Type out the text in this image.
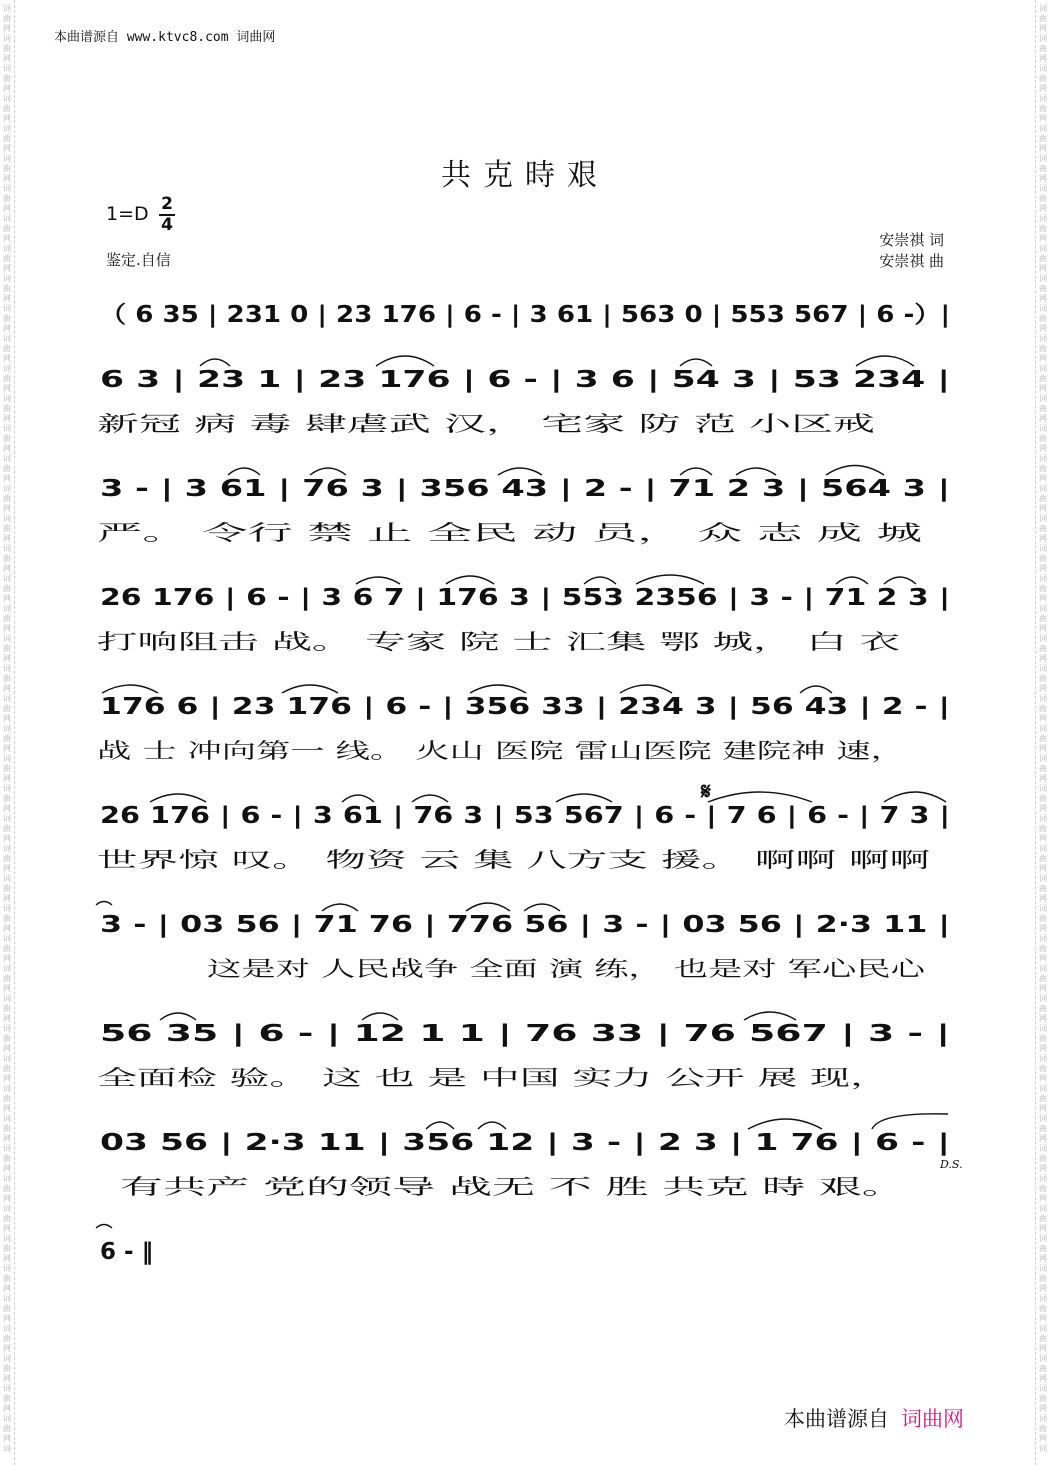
词
曲
网
词
曲
网
词
曲
网
词
曲
网
词
曲
网
词
曲
网
词
曲
网
词
曲
网
词
曲
网
词
曲
网
词
曲
网
词
曲
网
词
曲
网
词
曲
网
词
曲
网
词
曲
网
词
曲
网
词
曲
网
词
曲
网
词
曲
网
词
曲
网
词
曲
网
词
曲
网
词
曲
网
词
曲
网
词
曲
网
词
曲
网
词
曲
网
词
曲
网
词
曲
网
词
曲
网
词
曲
网
词
曲
网
词
曲
网
词
曲
网
词
曲
网
词
曲
网
词
曲
网
词
曲
网
词
曲
网
词
曲
网
词
曲
网
词
曲
网
词
曲
网
词
曲
网
词
曲
网
词
曲
网
词
曲
网
词
词
曲
网
词
曲
网
词
曲
网
词
曲
网
词
曲
网
词
曲
网
词
曲
网
词
曲
网
词
曲
网
词
曲
网
词
曲
网
词
曲
网
词
曲
网
词
曲
网
词
曲
网
词
曲
网
词
曲
网
词
曲
网
词
曲
网
词
曲
网
词
曲
网
词
曲
网
词
曲
网
词
曲
网
词
曲
网
词
曲
网
词
曲
网
词
曲
网
词
曲
网
词
曲
网
词
曲
网
词
曲
网
词
曲
网
词
曲
网
词
曲
网
词
曲
网
词
曲
网
词
曲
网
词
曲
网
词
曲
网
词
曲
网
词
曲
网
词
曲
网
词
曲
网
词
曲
网
词
曲
网
词
曲
网
词
曲
网
词
本曲谱源自 www.ktvc8.com 词曲网
共克時艰
1=D 2
4
鉴定.自信
安崇祺 词
安崇祺 曲
（ 6 35 | 231 0 | 23 176 | 6 - | 3 61 | 563 0 | 553 567 | 6 -）|
6 3 | 23 1 | 23 176 | 6 - | 3 6 | 54 3 | 53 234 |
新冠 病 毒 肆虐武 汉， 宅家 防 范 小区戒
3 - | 3 61 | 76 3 | 356 43 | 2 - | 71 2 3 | 564 3 |
严。 令行 禁 止 全民 动 员， 众 志 成 城
26 176 | 6 - | 3 6 7 | 176 3 | 553 2356 | 3 - | 71 2 3 |
打响阻击 战。 专家 院 士 汇集 鄂 城， 白 衣
176 6 | 23 176 | 6 - | 356 33 | 234 3 | 56 43 | 2 - |
战 士 冲向第一 线。 火山 医院 雷山医院 建院神 速，
26 176 | 6 - | 3 61 | 76 3 | 53 567 | 6 - | 7 6 | 6 - | 7 3 |
世界惊 叹。 物资 云 集 八方支 援。 啊啊 啊啊
𝄋
3 - | 03 56 | 71 76 | 776 56 | 3 - | 03 56 | 2·3 11 |
这是对 人民战争 全面 演 练， 也是对 军心民心
56 35 | 6 - | 12 1 1 | 76 33 | 76 567 | 3 - |
全面检 验。 这 也 是 中国 实力 公开 展 现，
03 56 | 2·3 11 | 356 12 | 3 - | 2 3 | 1 76 | 6 - |
有共产 党的领导 战无 不 胜 共克 時 艰。
D.S.
6 - ‖
本曲谱源自 词曲网
